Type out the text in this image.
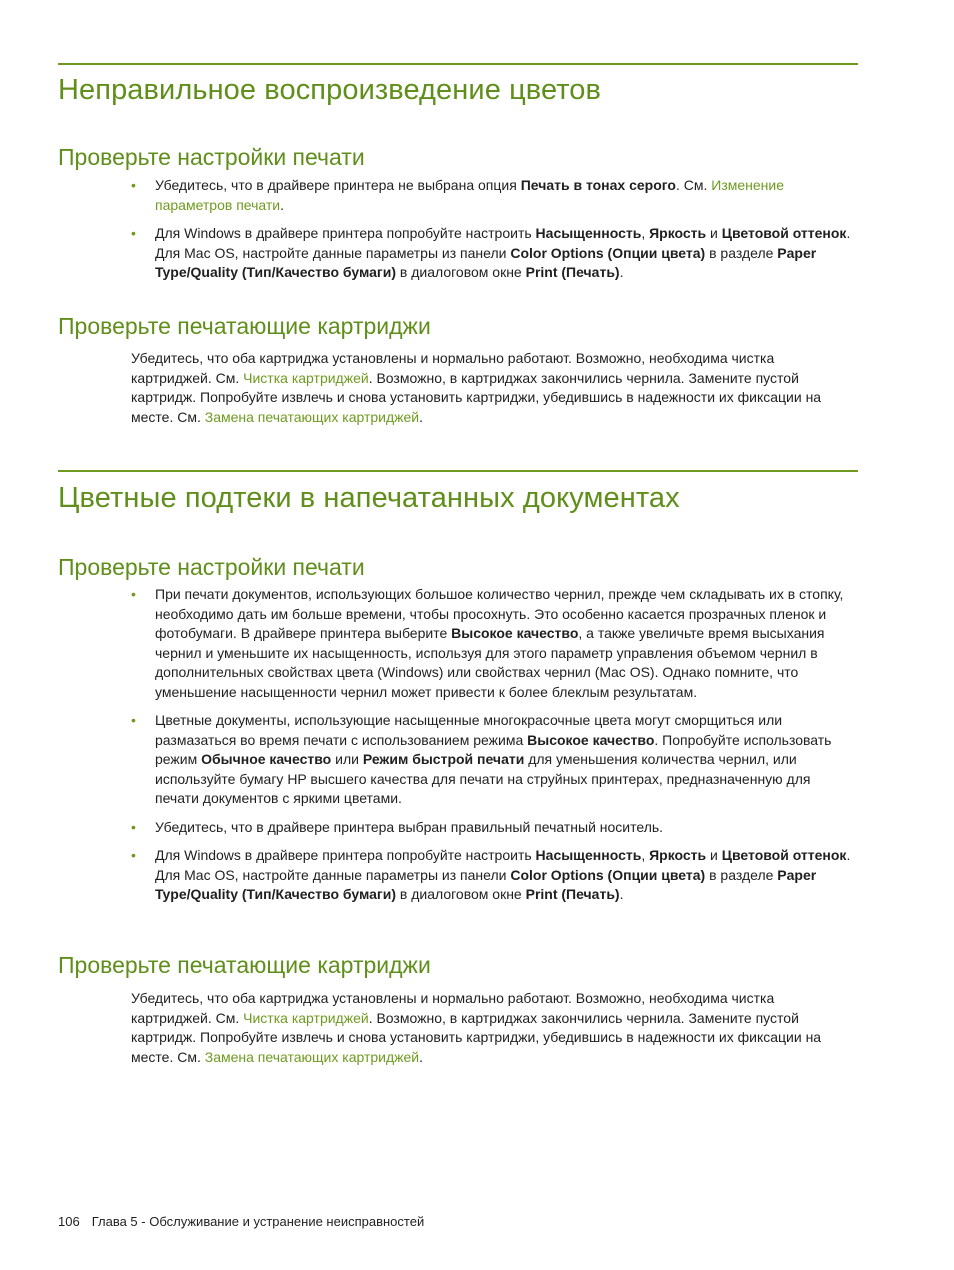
Неправильное воспроизведение цветов
Проверьте настройки печати
• Убедитесь, что в драйвере принтера не выбрана опция Печать в тонах серого. См. Изменение параметров печати.
• Для Windows в драйвере принтера попробуйте настроить Насыщенность, Яркость и Цветовой оттенок. Для Mac OS, настройте данные параметры из панели Color Options (Опции цвета) в разделе Paper Type/Quality (Тип/Качество бумаги) в диалоговом окне Print (Печать).
Проверьте печатающие картриджи
Убедитесь, что оба картриджа установлены и нормально работают. Возможно, необходима чистка картриджей. См. Чистка картриджей. Возможно, в картриджах закончились чернила. Замените пустой картридж. Попробуйте извлечь и снова установить картриджи, убедившись в надежности их фиксации на месте. См. Замена печатающих картриджей.
Цветные подтеки в напечатанных документах
Проверьте настройки печати
• При печати документов, использующих большое количество чернил, прежде чем складывать их в стопку, необходимо дать им больше времени, чтобы просохнуть. Это особенно касается прозрачных пленок и фотобумаги. В драйвере принтера выберите Высокое качество, а также увеличьте время высыхания чернил и уменьшите их насыщенность, используя для этого параметр управления объемом чернил в дополнительных свойствах цвета (Windows) или свойствах чернил (Mac OS). Однако помните, что уменьшение насыщенности чернил может привести к более блеклым результатам.
• Цветные документы, использующие насыщенные многокрасочные цвета могут сморщиться или размазаться во время печати с использованием режима Высокое качество. Попробуйте использовать режим Обычное качество или Режим быстрой печати для уменьшения количества чернил, или используйте бумагу HP высшего качества для печати на струйных принтерах, предназначенную для печати документов с яркими цветами.
• Убедитесь, что в драйвере принтера выбран правильный печатный носитель.
• Для Windows в драйвере принтера попробуйте настроить Насыщенность, Яркость и Цветовой оттенок. Для Mac OS, настройте данные параметры из панели Color Options (Опции цвета) в разделе Paper Type/Quality (Тип/Качество бумаги) в диалоговом окне Print (Печать).
Проверьте печатающие картриджи
Убедитесь, что оба картриджа установлены и нормально работают. Возможно, необходима чистка картриджей. См. Чистка картриджей. Возможно, в картриджах закончились чернила. Замените пустой картридж. Попробуйте извлечь и снова установить картриджи, убедившись в надежности их фиксации на месте. См. Замена печатающих картриджей.
106 Глава 5 - Обслуживание и устранение неисправностей
